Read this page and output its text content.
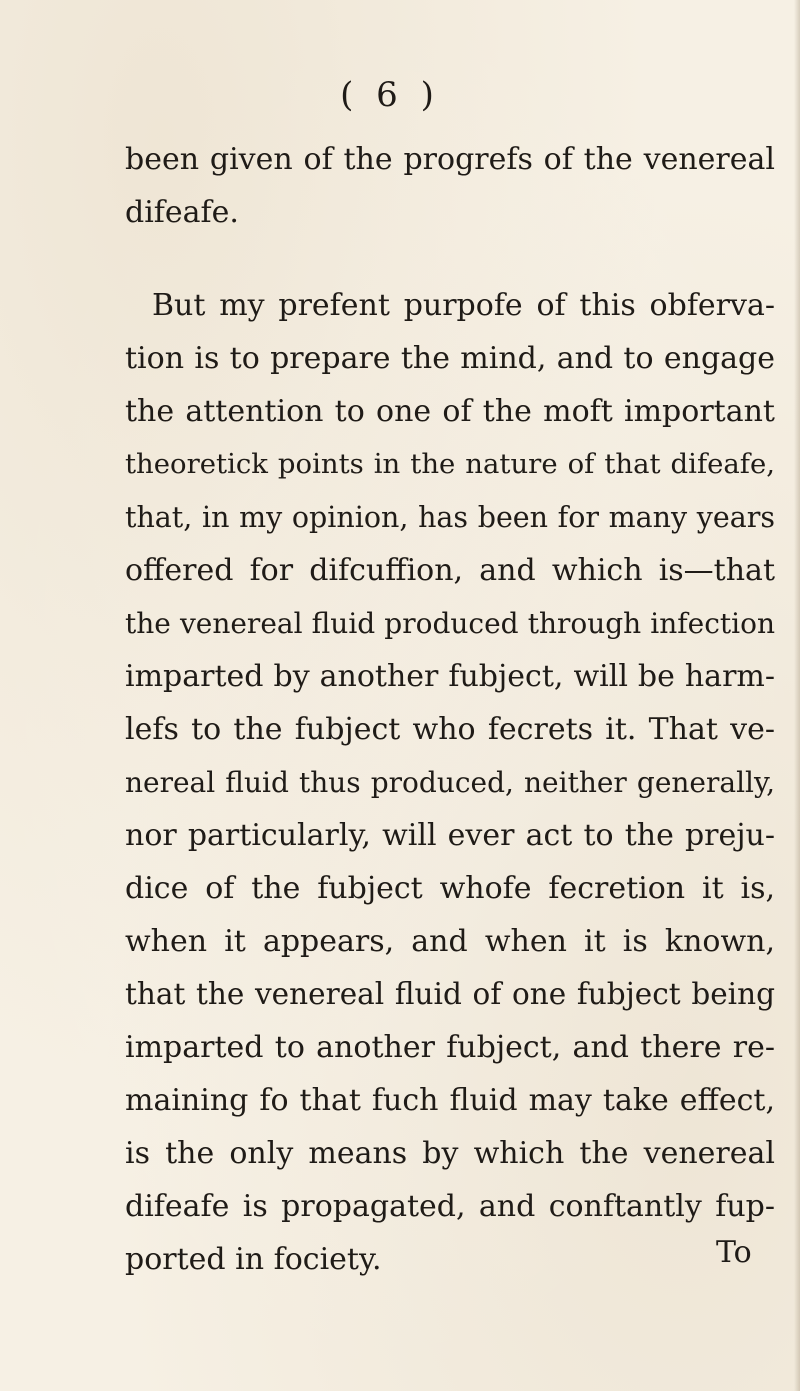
( 6 )
been given of the progrefs of the venereal
difeafe.
But my prefent purpofe of this obferva-
tion is to prepare the mind, and to engage
the attention to one of the moft important
theoretick points in the nature of that difeafe,
that, in my opinion, has been for many years
offered for difcuffion, and which is—that
the venereal fluid produced through infection
imparted by another fubject, will be harm-
lefs to the fubject who fecrets it. That ve-
nereal fluid thus produced, neither generally,
nor particularly, will ever act to the preju-
dice of the fubject whofe fecretion it is,
when it appears, and when it is known,
that the venereal fluid of one fubject being
imparted to another fubject, and there re-
maining fo that fuch fluid may take effect,
is the only means by which the venereal
difeafe is propagated, and conftantly fup-
ported in fociety.	To
